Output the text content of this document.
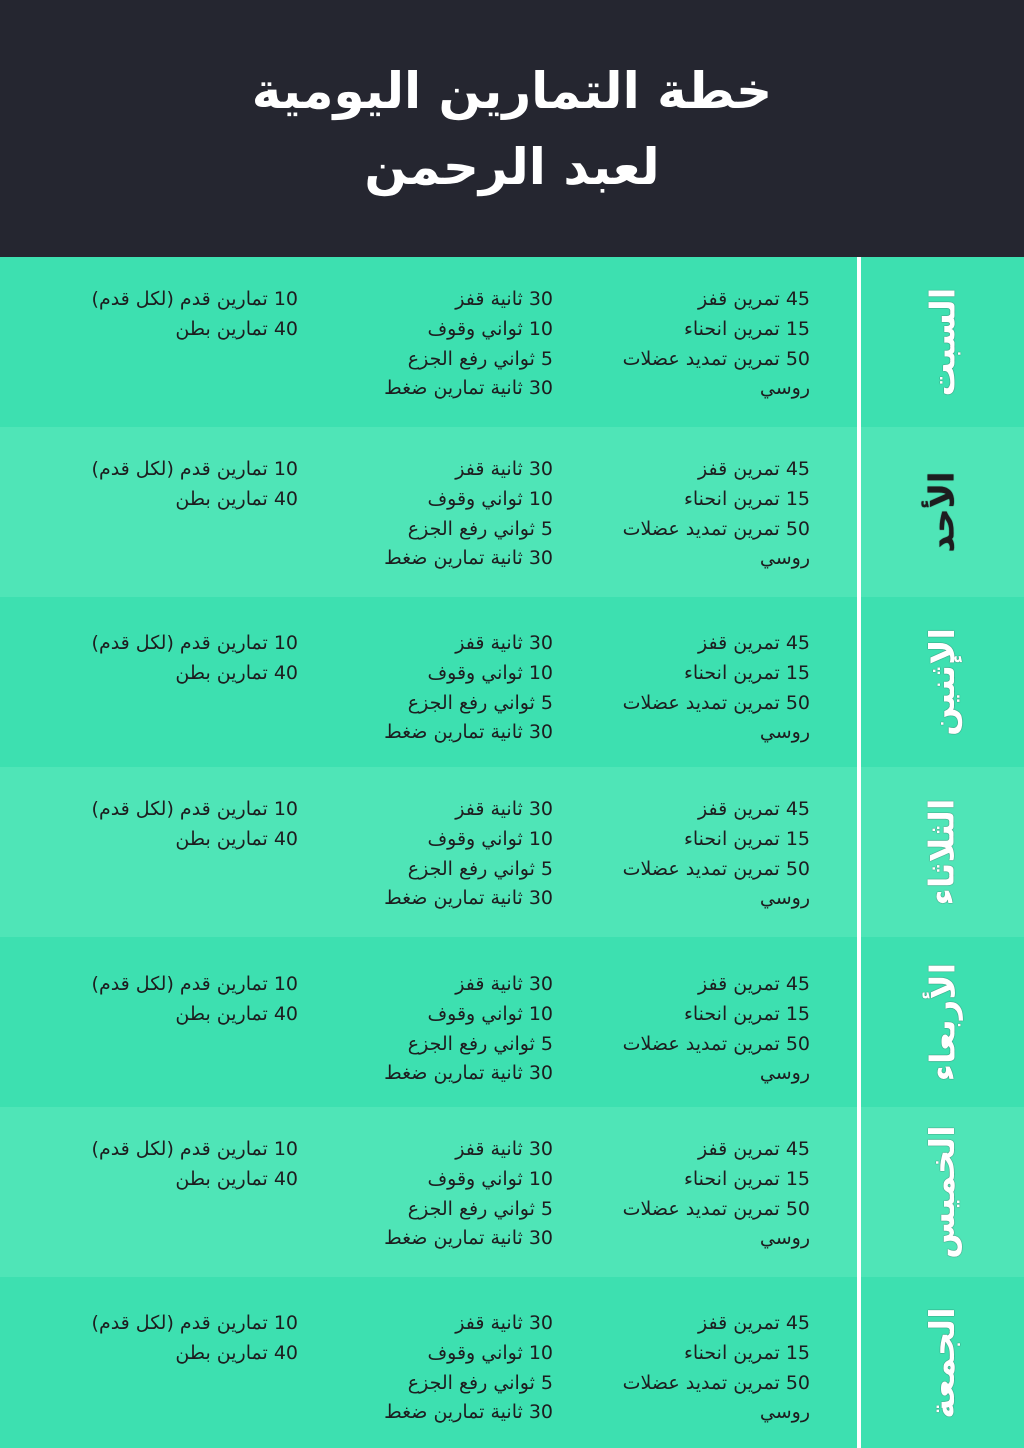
خطة التمارين اليومية
لعبد الرحمن
السبت
45 تمرين قفز
15 تمرين انحناء
50 تمرين تمديد عضلات
روسي
30 ثانية قفز
10 ثواني وقوف
5 ثواني رفع الجزع
30 ثانية تمارين ضغط
10 تمارين قدم (لكل قدم)
40 تمارين بطن
الأحد
45 تمرين قفز
15 تمرين انحناء
50 تمرين تمديد عضلات
روسي
30 ثانية قفز
10 ثواني وقوف
5 ثواني رفع الجزع
30 ثانية تمارين ضغط
10 تمارين قدم (لكل قدم)
40 تمارين بطن
الإثنين
45 تمرين قفز
15 تمرين انحناء
50 تمرين تمديد عضلات
روسي
30 ثانية قفز
10 ثواني وقوف
5 ثواني رفع الجزع
30 ثانية تمارين ضغط
10 تمارين قدم (لكل قدم)
40 تمارين بطن
الثلاثاء
45 تمرين قفز
15 تمرين انحناء
50 تمرين تمديد عضلات
روسي
30 ثانية قفز
10 ثواني وقوف
5 ثواني رفع الجزع
30 ثانية تمارين ضغط
10 تمارين قدم (لكل قدم)
40 تمارين بطن
الأربعاء
45 تمرين قفز
15 تمرين انحناء
50 تمرين تمديد عضلات
روسي
30 ثانية قفز
10 ثواني وقوف
5 ثواني رفع الجزع
30 ثانية تمارين ضغط
10 تمارين قدم (لكل قدم)
40 تمارين بطن
الخميس
45 تمرين قفز
15 تمرين انحناء
50 تمرين تمديد عضلات
روسي
30 ثانية قفز
10 ثواني وقوف
5 ثواني رفع الجزع
30 ثانية تمارين ضغط
10 تمارين قدم (لكل قدم)
40 تمارين بطن
الجمعة
45 تمرين قفز
15 تمرين انحناء
50 تمرين تمديد عضلات
روسي
30 ثانية قفز
10 ثواني وقوف
5 ثواني رفع الجزع
30 ثانية تمارين ضغط
10 تمارين قدم (لكل قدم)
40 تمارين بطن
